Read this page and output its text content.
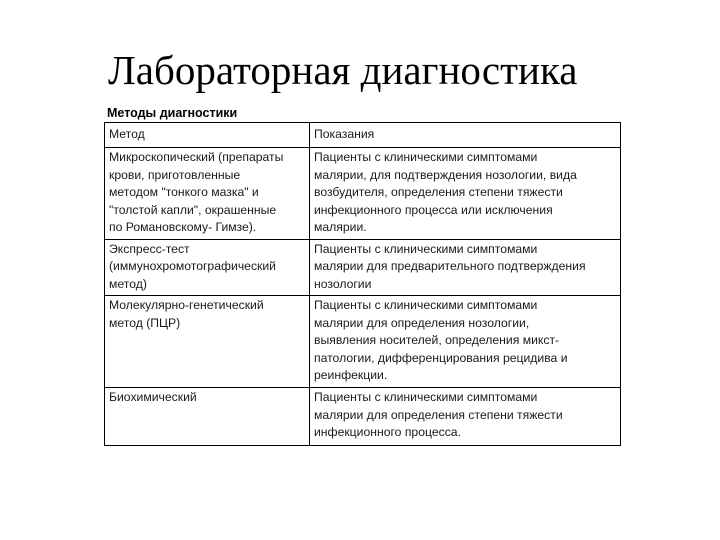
Лабораторная диагностика
Методы диагностики
Метод	Показания

Микроскопический (препараты
крови, приготовленные
методом "тонкого мазка" и
"толстой капли", окрашенные
по Романовскому- Гимзе).	Пациенты с клиническими симптомами
малярии, для подтверждения нозологии, вида
возбудителя, определения степени тяжести
инфекционного процесса или исключения
малярии.

Экспресс-тест
(иммунохромотографический
метод)	Пациенты с клиническими симптомами
малярии для предварительного подтверждения
нозологии

Молекулярно-генетический
метод (ПЦР)	Пациенты с клиническими симптомами
малярии для определения нозологии,
выявления носителей, определения микст-
патологии, дифференцирования рецидива и
реинфекции.

Биохимический	Пациенты с клиническими симптомами
малярии для определения степени тяжести
инфекционного процесса.
